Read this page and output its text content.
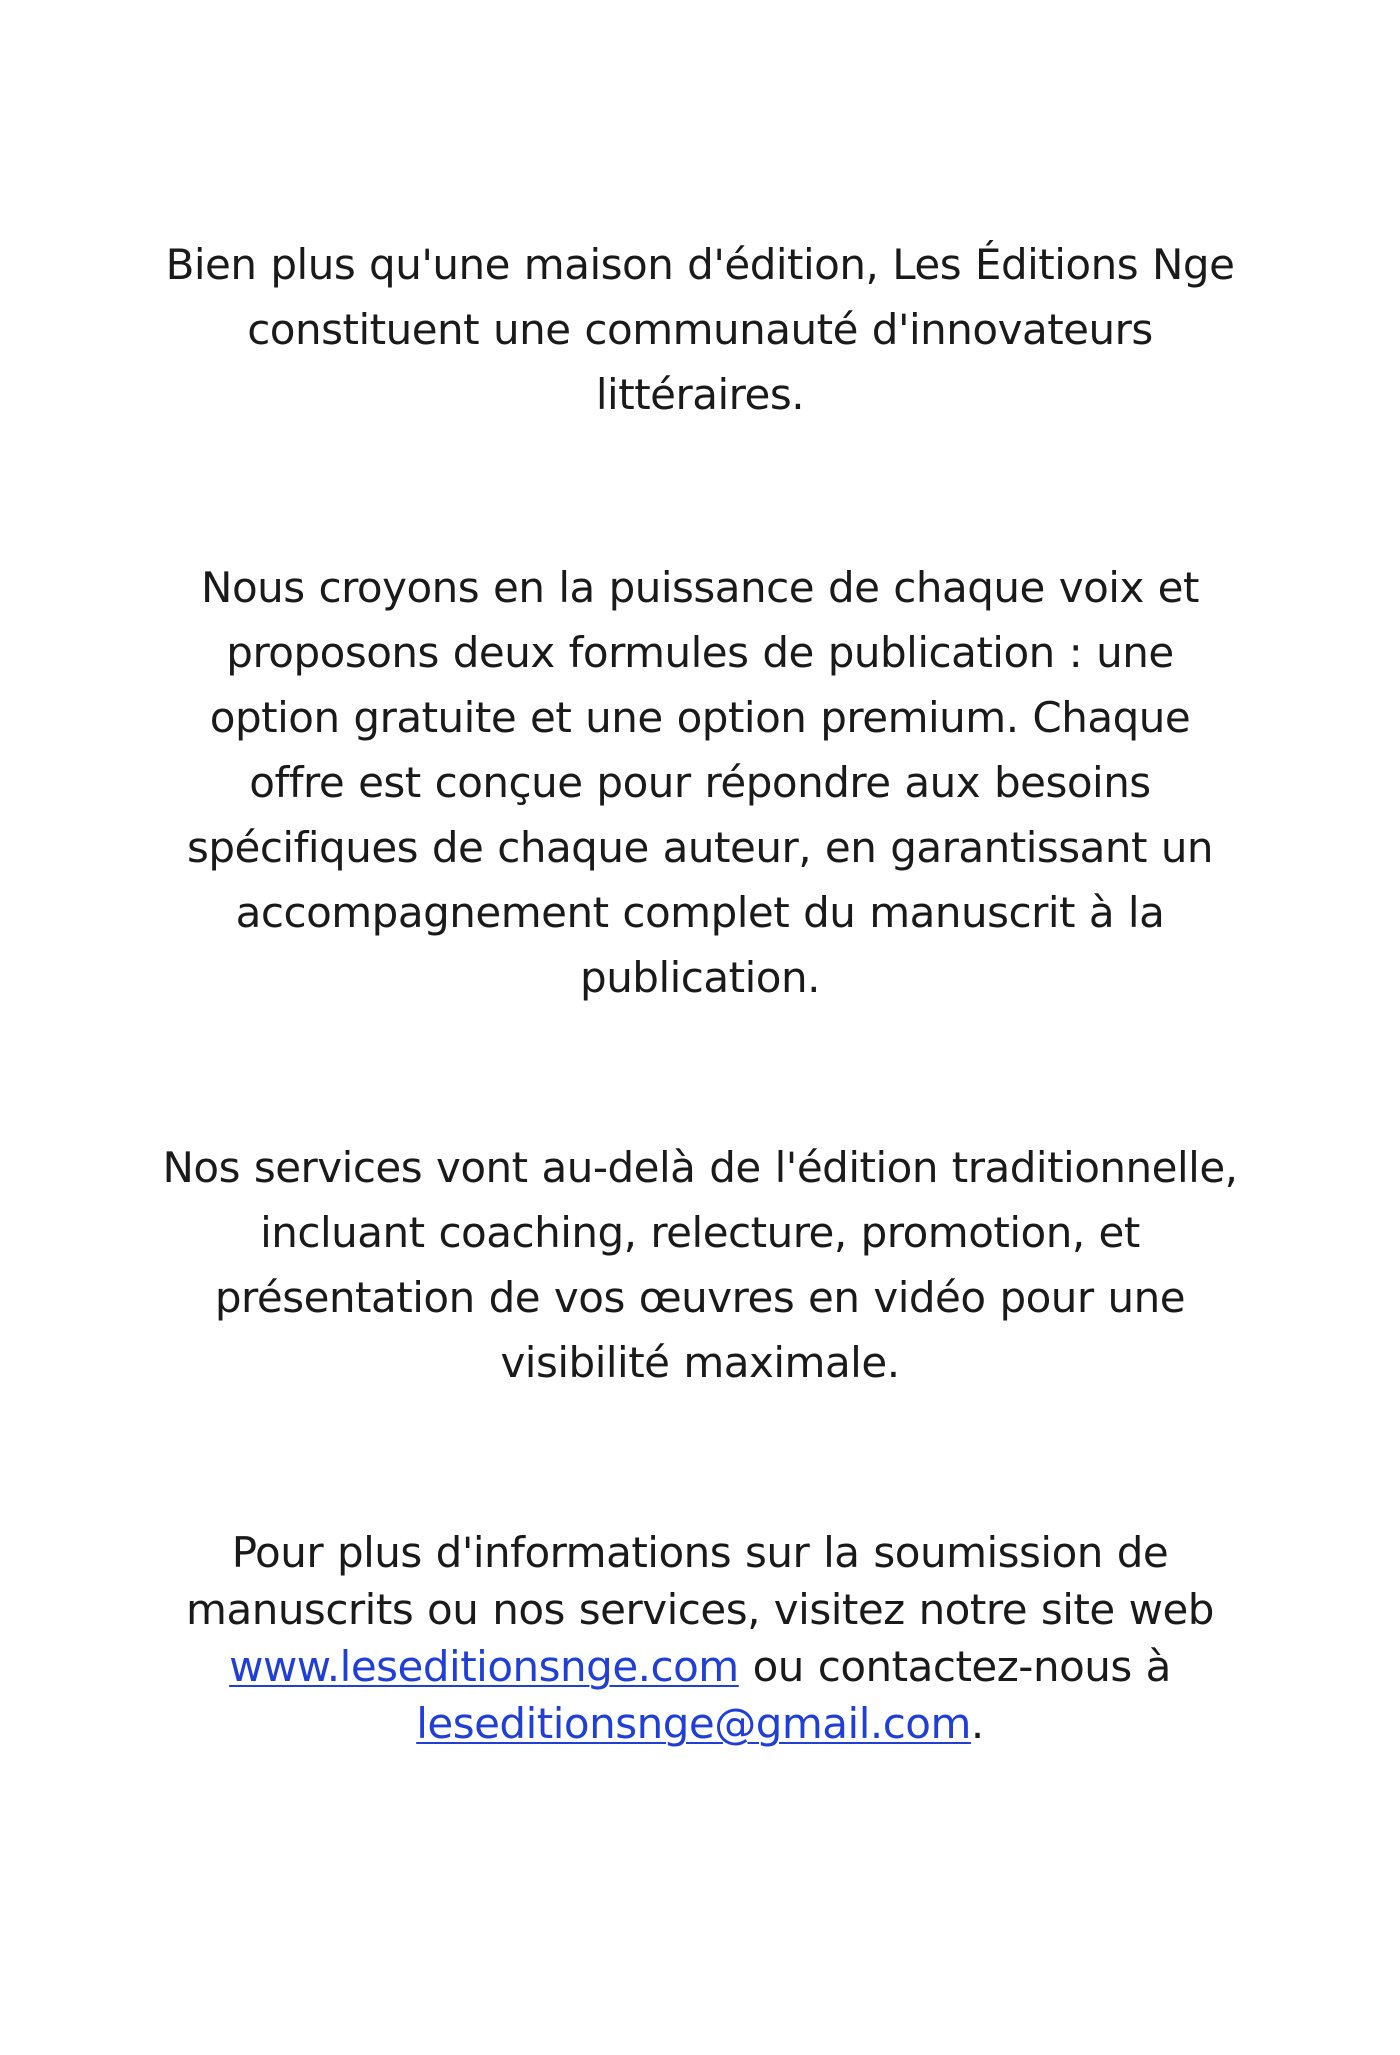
Bien plus qu'une maison d'édition, Les Éditions Nge
constituent une communauté d'innovateurs
littéraires.
Nous croyons en la puissance de chaque voix et
proposons deux formules de publication : une
option gratuite et une option premium. Chaque
offre est conçue pour répondre aux besoins
spécifiques de chaque auteur, en garantissant un
accompagnement complet du manuscrit à la
publication.
Nos services vont au-delà de l'édition traditionnelle,
incluant coaching, relecture, promotion, et
présentation de vos œuvres en vidéo pour une
visibilité maximale.
Pour plus d'informations sur la soumission de
manuscrits ou nos services, visitez notre site web
www.leseditionsnge.com ou contactez-nous à
leseditionsnge@gmail.com.
